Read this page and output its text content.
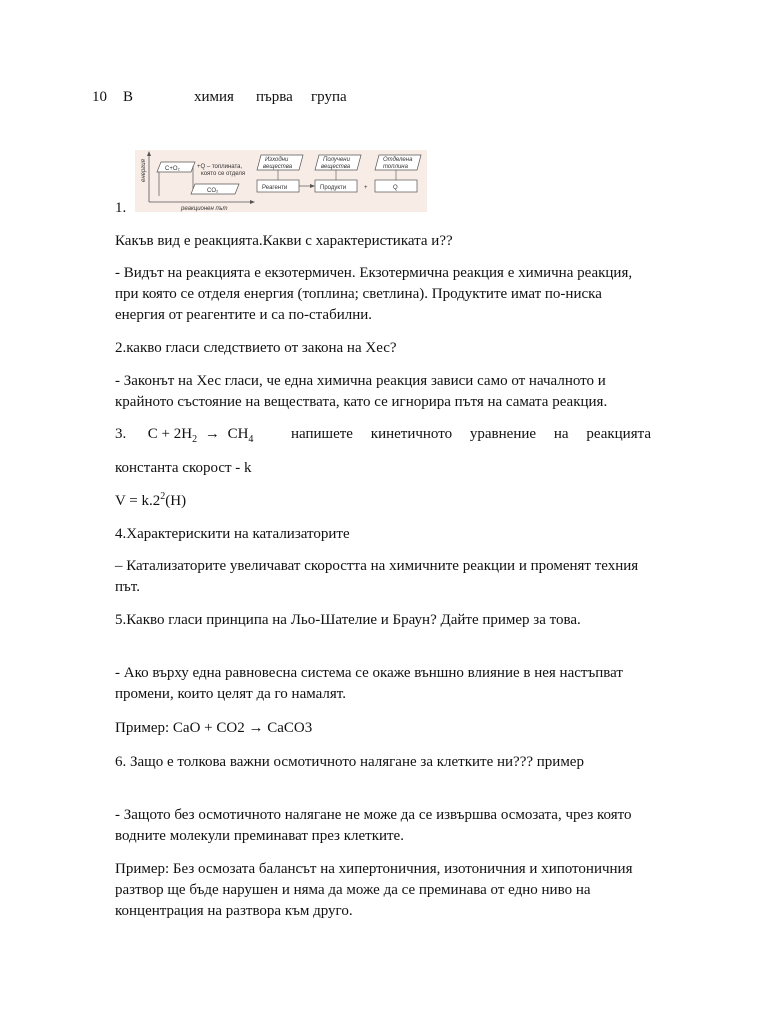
10 В	химия първа група
енергия
реакционен път
C+O₂	+Q – топлината,
която се отделя
CO₂
Изходни
вещества
Получени
вещества
Отделена
топлина
Реагенти	Продукти	+	Q
1.
Какъв вид е реакцията.Какви с характеристиката и??
- Видът на реакцията е екзотермичен. Екзотермична реакция е химична реакция, при която се отделя енергия (топлина; светлина). Продуктите имат по-ниска енергия от реагентите и са по-стабилни.
2.какво гласи следствието от закона на Хес?
- Законът на Хес гласи, че една химична реакция зависи само от началното и крайното състояние на веществата, като се игнорира пътя на самата реакция.
3. $C + 2H_2 \to CH_4$	напишете кинетичното уравнение на реакцията
константа скорост - k
$V = k.2^2(H)$
4.Характерискити на катализаторите
– Катализаторите увеличават скоростта на химичните реакции и променят техния път.
5.Какво гласи принципа на Льо-Шателие и Браун? Дайте пример за това.
- Ако върху една равновесна система се окаже външно влияние в нея настъпват промени, които целят да го намалят.
Пример: CaO + CO2 → CaCO3
6. Защо е толкова важни осмотичното налягане за клетките ни??? пример
- Защото без осмотичното налягане не може да се извършва осмозата, чрез която водните молекули преминават през клетките.
Пример: Без осмозата балансът на хипертоничния, изотоничния и хипотоничния разтвор ще бъде нарушен и няма да може да се преминава от едно ниво на концентрация на разтвора към друго.
